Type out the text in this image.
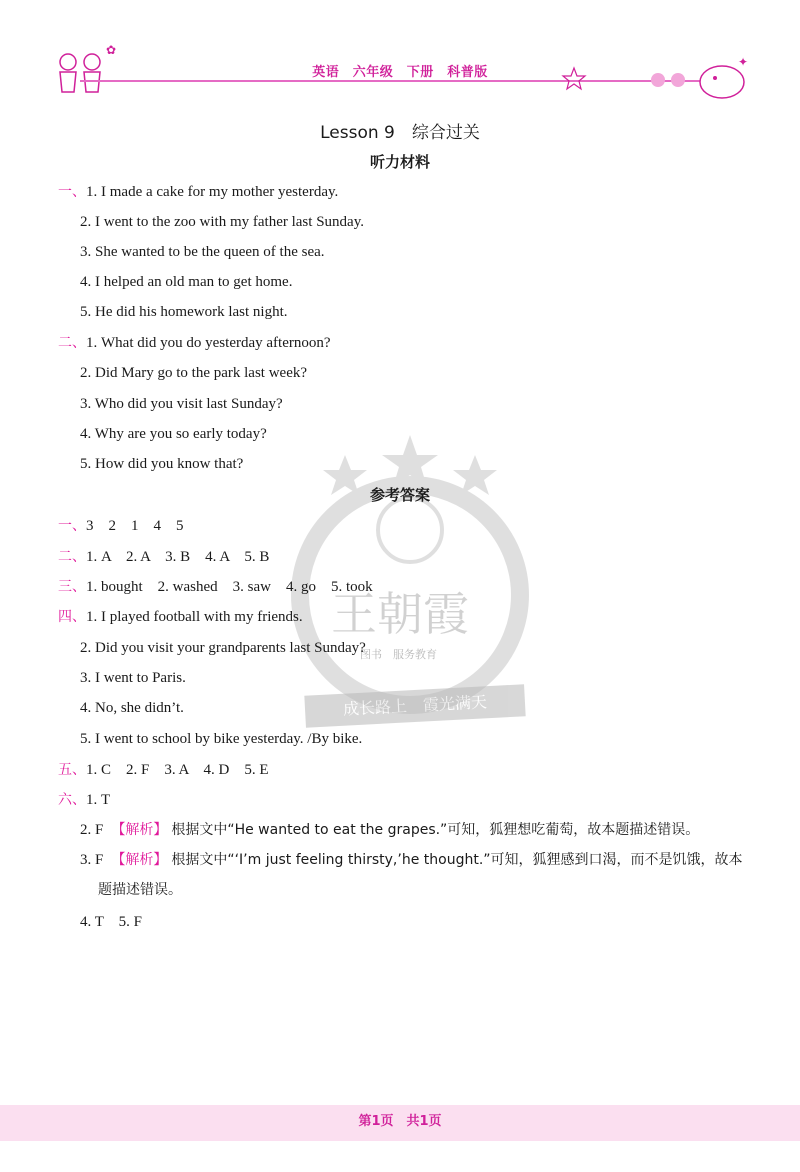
✿
英语　六年级　下册　科普版
✦
王朝霞
图书　服务教育
成长路上　霞光满天
Lesson 9　综合过关
听力材料
一、1. I made a cake for my mother yesterday.
2. I went to the zoo with my father last Sunday.
3. She wanted to be the queen of the sea.
4. I helped an old man to get home.
5. He did his homework last night.
二、1. What did you do yesterday afternoon?
2. Did Mary go to the park last week?
3. Who did you visit last Sunday?
4. Why are you so early today?
5. How did you know that?
参考答案
一、3　2　1　4　5
二、1. A　2. A　3. B　4. A　5. B
三、1. bought　2. washed　3. saw　4. go　5. took
四、1. I played football with my friends.
2. Did you visit your grandparents last Sunday?
3. I went to Paris.
4. No, she didn’t.
5. I went to school by bike yesterday. /By bike.
五、1. C　2. F　3. A　4. D　5. E
六、1. T
2. F 【解析】 根据文中“He wanted to eat the grapes.”可知，狐狸想吃葡萄，故本题描述错误。
3. F 【解析】 根据文中“‘I’m just feeling thirsty,’he thought.”可知，狐狸感到口渴，而不是饥饿，故本
题描述错误。
4. T　5. F
第1页　共1页
